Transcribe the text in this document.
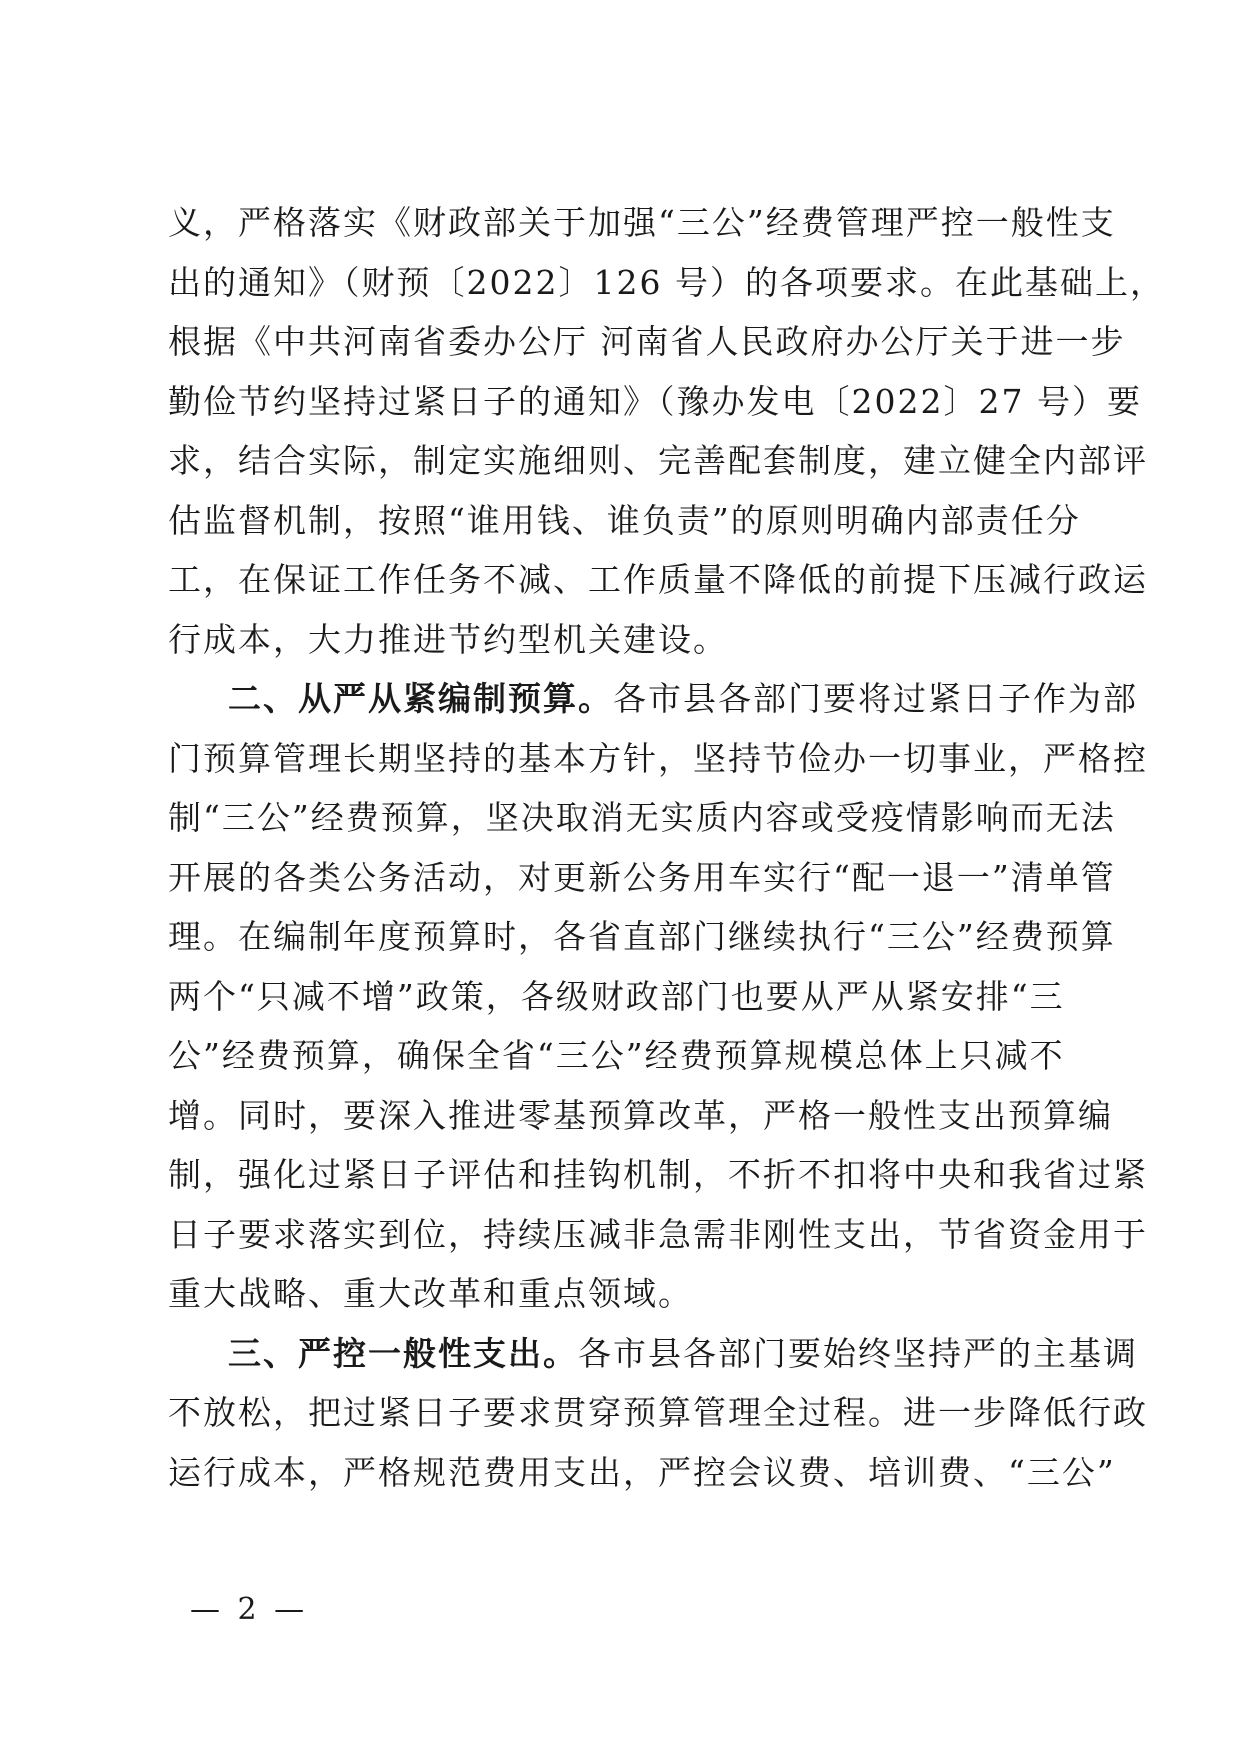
义，严格落实《财政部关于加强“三公”经费管理严控一般性支
出的通知》（财预〔2022〕126 号）的各项要求。在此基础上，
根据《中共河南省委办公厅 河南省人民政府办公厅关于进一步
勤俭节约坚持过紧日子的通知》（豫办发电〔2022〕27 号）要
求，结合实际，制定实施细则、完善配套制度，建立健全内部评
估监督机制，按照“谁用钱、谁负责”的原则明确内部责任分
工，在保证工作任务不减、工作质量不降低的前提下压减行政运
行成本，大力推进节约型机关建设。
二、从严从紧编制预算。各市县各部门要将过紧日子作为部
门预算管理长期坚持的基本方针，坚持节俭办一切事业，严格控
制“三公”经费预算，坚决取消无实质内容或受疫情影响而无法
开展的各类公务活动，对更新公务用车实行“配一退一”清单管
理。在编制年度预算时，各省直部门继续执行“三公”经费预算
两个“只减不增”政策，各级财政部门也要从严从紧安排“三
公”经费预算，确保全省“三公”经费预算规模总体上只减不
增。同时，要深入推进零基预算改革，严格一般性支出预算编
制，强化过紧日子评估和挂钩机制，不折不扣将中央和我省过紧
日子要求落实到位，持续压减非急需非刚性支出，节省资金用于
重大战略、重大改革和重点领域。
三、严控一般性支出。各市县各部门要始终坚持严的主基调
不放松，把过紧日子要求贯穿预算管理全过程。进一步降低行政
运行成本，严格规范费用支出，严控会议费、培训费、“三公”
— 2 —
